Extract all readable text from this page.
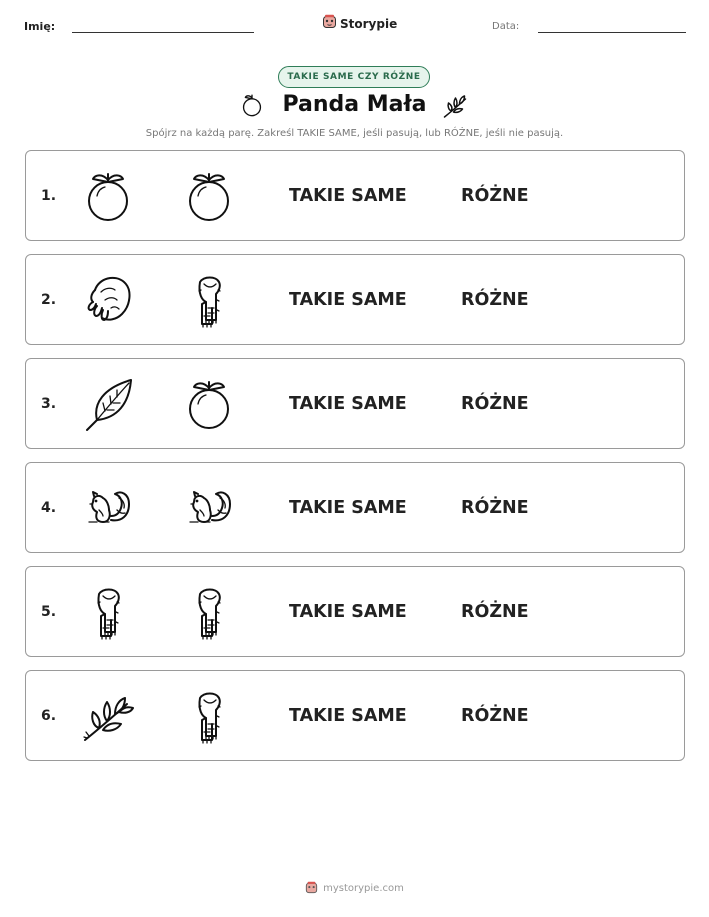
Imię:	Storypie	Data:
TAKIE SAME CZY RÓŻNE
Panda Mała
Spójrz na każdą parę. Zakreśl TAKIE SAME, jeśli pasują, lub RÓŻNE, jeśli nie pasują.
1.	TAKIE SAME	RÓŻNE
2.	TAKIE SAME	RÓŻNE
3.	TAKIE SAME	RÓŻNE
4.	TAKIE SAME	RÓŻNE
5.	TAKIE SAME	RÓŻNE
6.	TAKIE SAME	RÓŻNE
mystorypie.com
